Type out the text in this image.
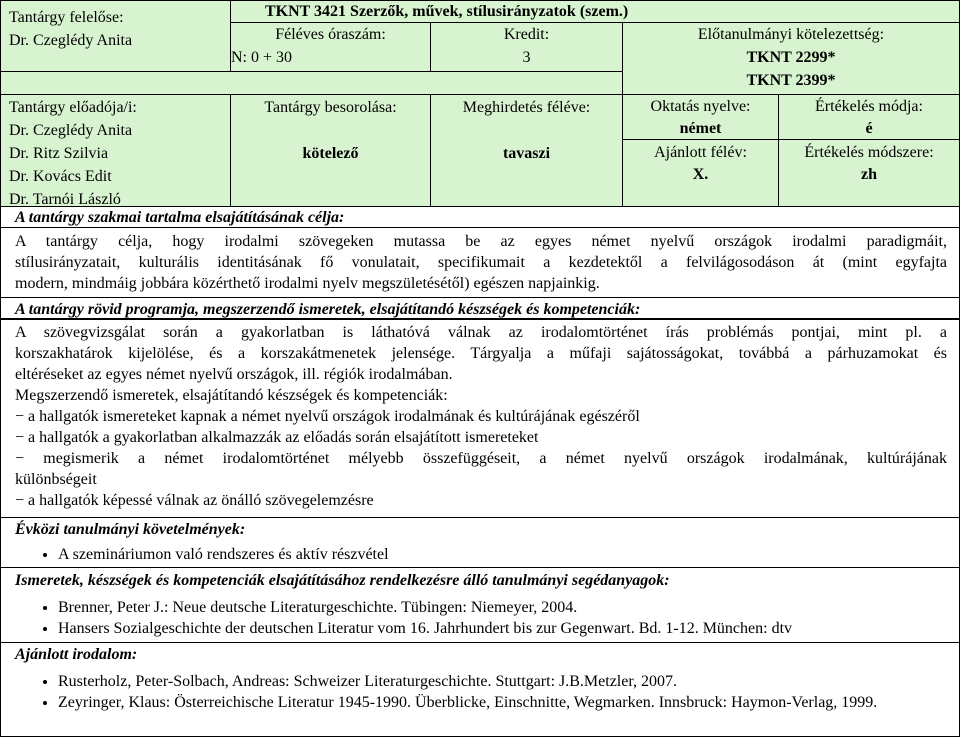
Tantárgy felelőse:
Dr. Czeglédy Anita
TKNT 3421 Szerzők, művek, stílusirányzatok (szem.)
Féléves óraszám:
N: 0 + 30
Kredit:
3
Előtanulmányi kötelezettség:
TKNT 2299*
TKNT 2399*
Tantárgy előadója/i:
Dr. Czeglédy Anita
Dr. Ritz Szilvia
Dr. Kovács Edit
Dr. Tarnói László
Tantárgy besorolása:
kötelező
Meghirdetés féléve:
tavaszi
Oktatás nyelve:
német
Ajánlott félév:
X.
Értékelés módja:
é
Értékelés módszere:
zh
A tantárgy szakmai tartalma elsajátításának célja:
A tantárgy célja, hogy irodalmi szövegeken mutassa be az egyes német nyelvű országok irodalmi paradigmáit,
stílusirányzatait, kulturális identitásának fő vonulatait, specifikumait a kezdetektől a felvilágosodáson át (mint egyfajta
modern, mindmáig jobbára közérthető irodalmi nyelv megszületésétől) egészen napjainkig.
A tantárgy rövid programja, megszerzendő ismeretek, elsajátítandó készségek és kompetenciák:
A szövegvizsgálat során a gyakorlatban is láthatóvá válnak az irodalomtörténet írás problémás pontjai, mint pl. a
korszakhatárok kijelölése, és a korszakátmenetek jelensége. Tárgyalja a műfaji sajátosságokat, továbbá a párhuzamokat és
eltéréseket az egyes német nyelvű országok, ill. régiók irodalmában.
Megszerzendő ismeretek, elsajátítandó készségek és kompetenciák:
− a hallgatók ismereteket kapnak a német nyelvű országok irodalmának és kultúrájának egészéről
− a hallgatók a gyakorlatban alkalmazzák az előadás során elsajátított ismereteket
− megismerik a német irodalomtörténet mélyebb összefüggéseit, a német nyelvű országok irodalmának, kultúrájának
különbségeit
− a hallgatók képessé válnak az önálló szövegelemzésre
Évközi tanulmányi követelmények:
• A szemináriumon való rendszeres és aktív részvétel
Ismeretek, készségek és kompetenciák elsajátításához rendelkezésre álló tanulmányi segédanyagok:
• Brenner, Peter J.: Neue deutsche Literaturgeschichte. Tübingen: Niemeyer, 2004.
• Hansers Sozialgeschichte der deutschen Literatur vom 16. Jahrhundert bis zur Gegenwart. Bd. 1-12. München: dtv
Ajánlott irodalom:
• Rusterholz, Peter-Solbach, Andreas: Schweizer Literaturgeschichte. Stuttgart: J.B.Metzler, 2007.
• Zeyringer, Klaus: Österreichische Literatur 1945-1990. Überblicke, Einschnitte, Wegmarken. Innsbruck: Haymon-Verlag, 1999.
